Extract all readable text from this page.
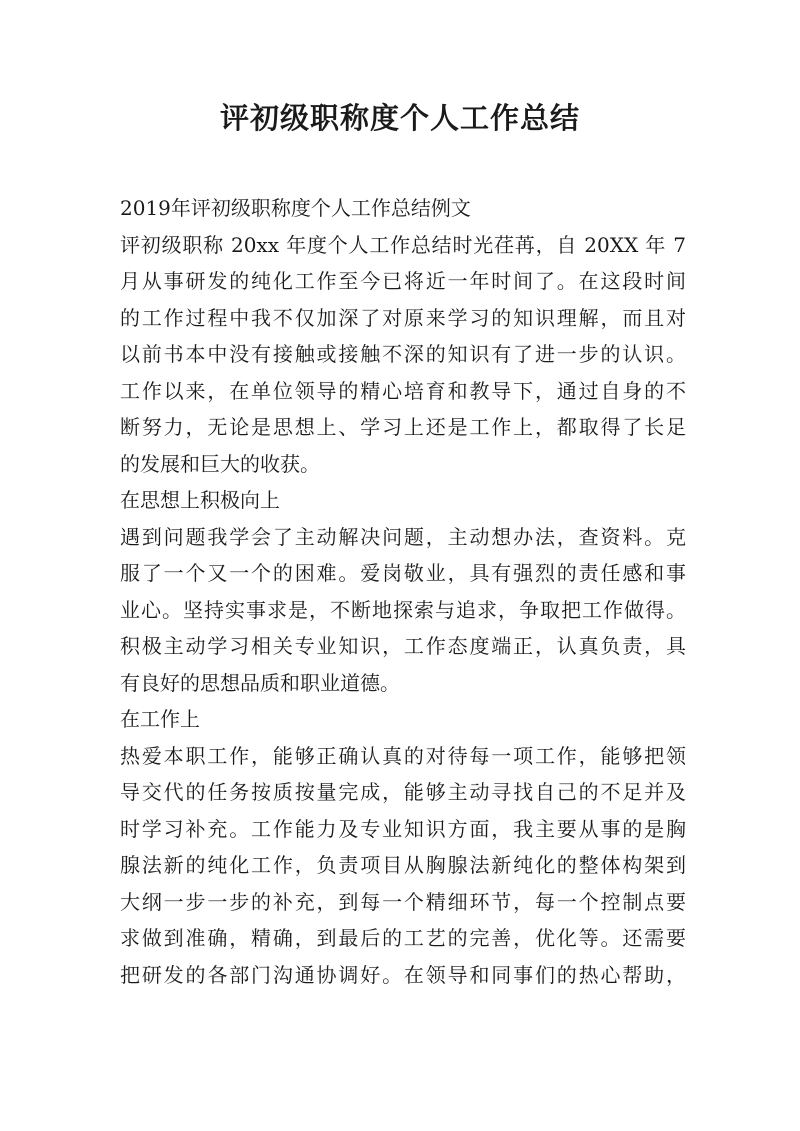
评初级职称度个人工作总结
2019年评初级职称度个人工作总结例文
评初级职称 20xx 年度个人工作总结时光荏苒，自 20XX 年 7
月从事研发的纯化工作至今已将近一年时间了。在这段时间
的工作过程中我不仅加深了对原来学习的知识理解，而且对
以前书本中没有接触或接触不深的知识有了进一步的认识。
工作以来，在单位领导的精心培育和教导下，通过自身的不
断努力，无论是思想上、学习上还是工作上，都取得了长足
的发展和巨大的收获。
在思想上积极向上
遇到问题我学会了主动解决问题，主动想办法，查资料。克
服了一个又一个的困难。爱岗敬业，具有强烈的责任感和事
业心。坚持实事求是，不断地探索与追求，争取把工作做得。
积极主动学习相关专业知识，工作态度端正，认真负责，具
有良好的思想品质和职业道德。
在工作上
热爱本职工作，能够正确认真的对待每一项工作，能够把领
导交代的任务按质按量完成，能够主动寻找自己的不足并及
时学习补充。工作能力及专业知识方面，我主要从事的是胸
腺法新的纯化工作，负责项目从胸腺法新纯化的整体构架到
大纲一步一步的补充，到每一个精细环节，每一个控制点要
求做到准确，精确，到最后的工艺的完善，优化等。还需要
把研发的各部门沟通协调好。在领导和同事们的热心帮助，
